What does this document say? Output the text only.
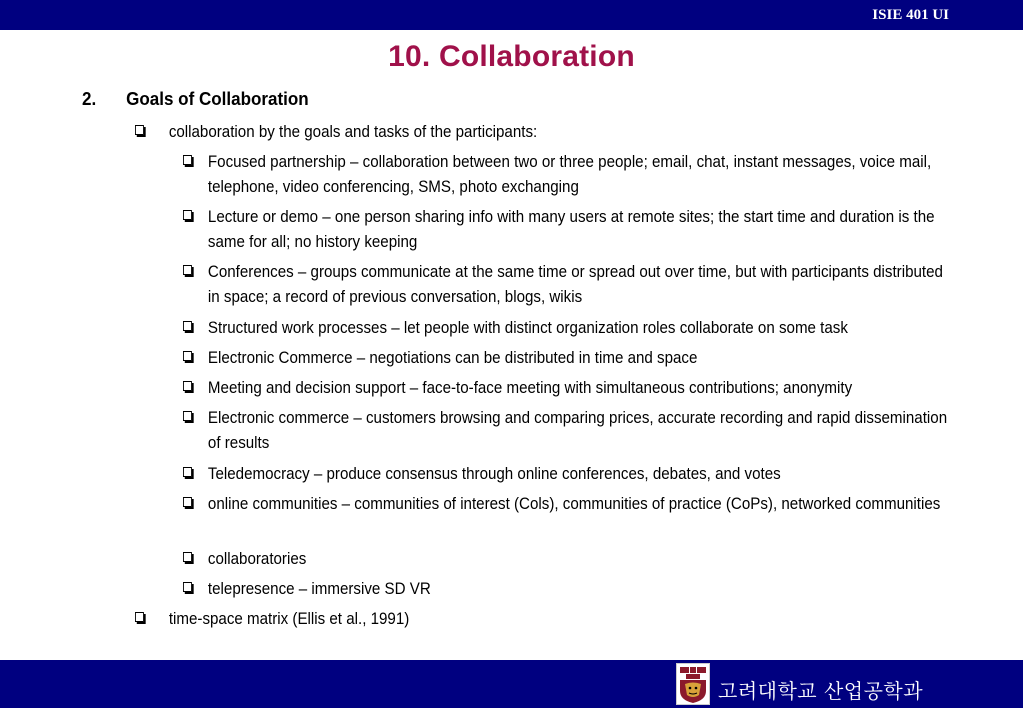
ISIE 401 UI
10. Collaboration
2. Goals of Collaboration
collaboration by the goals and tasks of the participants:
Focused partnership – collaboration between two or three people; email, chat, instant messages, voice mail, telephone, video conferencing, SMS, photo exchanging
Lecture or demo – one person sharing info with many users at remote sites; the start time and duration is the same for all; no history keeping
Conferences – groups communicate at the same time or spread out over time, but with participants distributed in space; a record of previous conversation, blogs, wikis
Structured work processes – let people with distinct organization roles collaborate on some task
Electronic Commerce – negotiations can be distributed in time and space
Meeting and decision support – face-to-face meeting with simultaneous contributions; anonymity
Electronic commerce – customers browsing and comparing prices, accurate recording and rapid dissemination of results
Teledemocracy – produce consensus through online conferences, debates, and votes
online communities – communities of interest (Cols), communities of practice (CoPs), networked communities
collaboratories
telepresence – immersive SD VR
time-space matrix (Ellis et al., 1991)
고려대학교 산업공학과
